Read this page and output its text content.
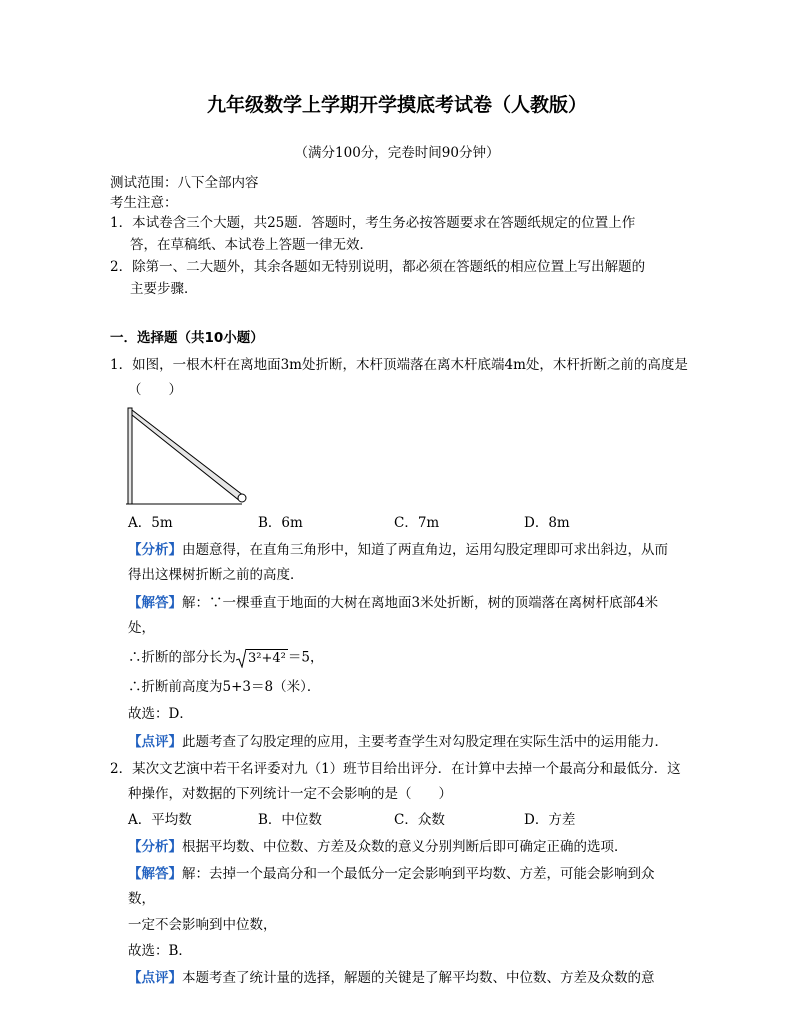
九年级数学上学期开学摸底考试卷（人教版）
（满分100分，完卷时间90分钟）
测试范围：八下全部内容
考生注意：
1．本试卷含三个大题，共25题．答题时，考生务必按答题要求在答题纸规定的位置上作
答，在草稿纸、本试卷上答题一律无效．
2．除第一、二大题外，其余各题如无特别说明，都必须在答题纸的相应位置上写出解题的
主要步骤．
一．选择题（共10小题）
1．如图，一根木杆在离地面3m处折断，木杆顶端落在离木杆底端4m处，木杆折断之前的高度是
（　　）
A．5m	B．6m	C．7m	D．8m
【分析】由题意得，在直角三角形中，知道了两直角边，运用勾股定理即可求出斜边，从而
得出这棵树折断之前的高度．
【解答】解：∵一棵垂直于地面的大树在离地面3米处折断，树的顶端落在离树杆底部4米
处，
∴折断的部分长为 3²+4² ＝5，
∴折断前高度为5+3＝8（米）．
故选：D．
【点评】此题考查了勾股定理的应用，主要考查学生对勾股定理在实际生活中的运用能力．
2．某次文艺演中若干名评委对九（1）班节目给出评分．在计算中去掉一个最高分和最低分．这
种操作，对数据的下列统计一定不会影响的是（　　）
A．平均数	B．中位数	C．众数	D．方差
【分析】根据平均数、中位数、方差及众数的意义分别判断后即可确定正确的选项．
【解答】解：去掉一个最高分和一个最低分一定会影响到平均数、方差，可能会影响到众
数，
一定不会影响到中位数，
故选：B．
【点评】本题考查了统计量的选择，解题的关键是了解平均数、中位数、方差及众数的意
